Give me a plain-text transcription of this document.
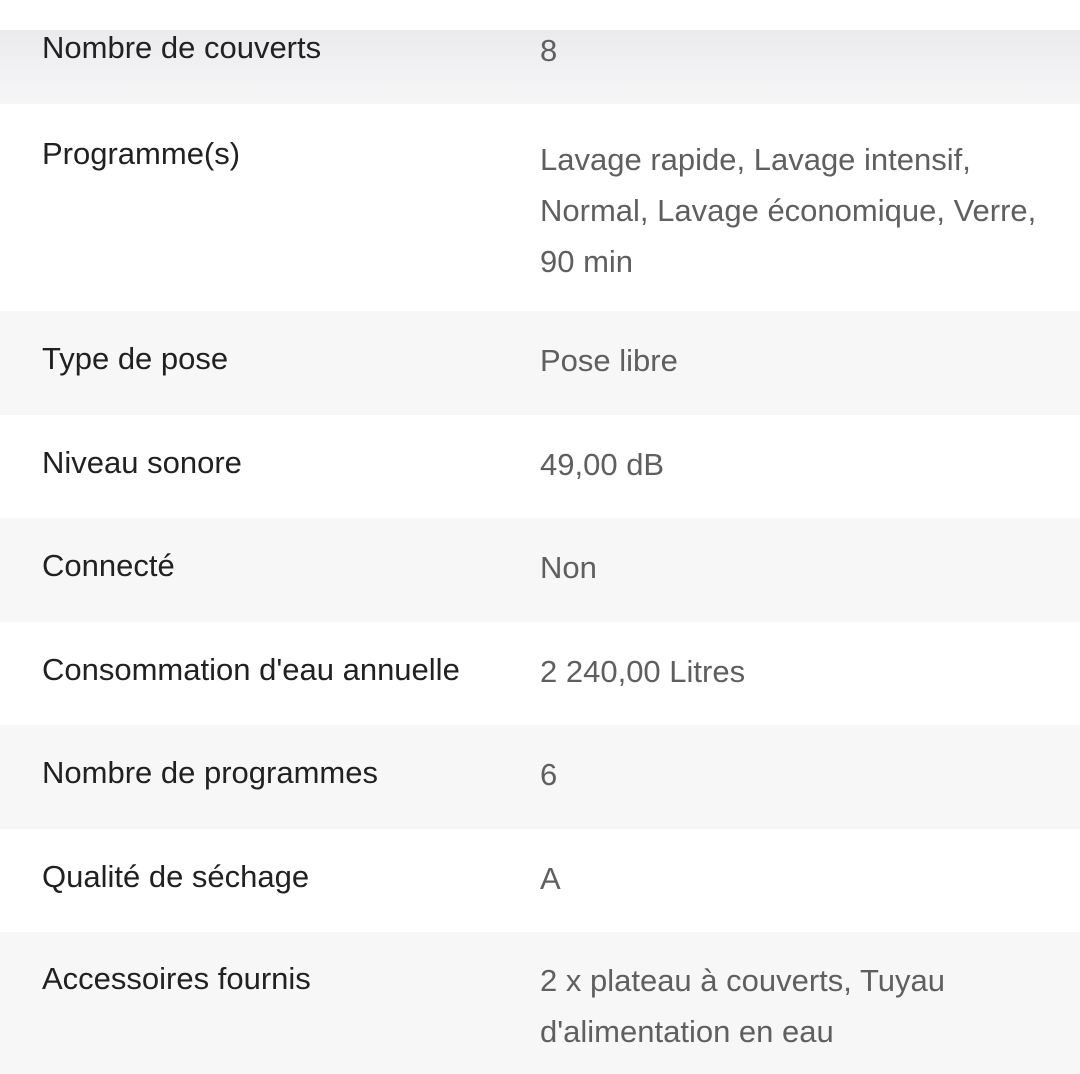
Nombre de couverts	8
Programme(s)	Lavage rapide, Lavage intensif, Normal, Lavage économique, Verre, 90 min
Type de pose	Pose libre
Niveau sonore	49,00 dB
Connecté	Non
Consommation d'eau annuelle	2 240,00 Litres
Nombre de programmes	6
Qualité de séchage	A
Accessoires fournis	2 x plateau à couverts, Tuyau d'alimentation en eau
